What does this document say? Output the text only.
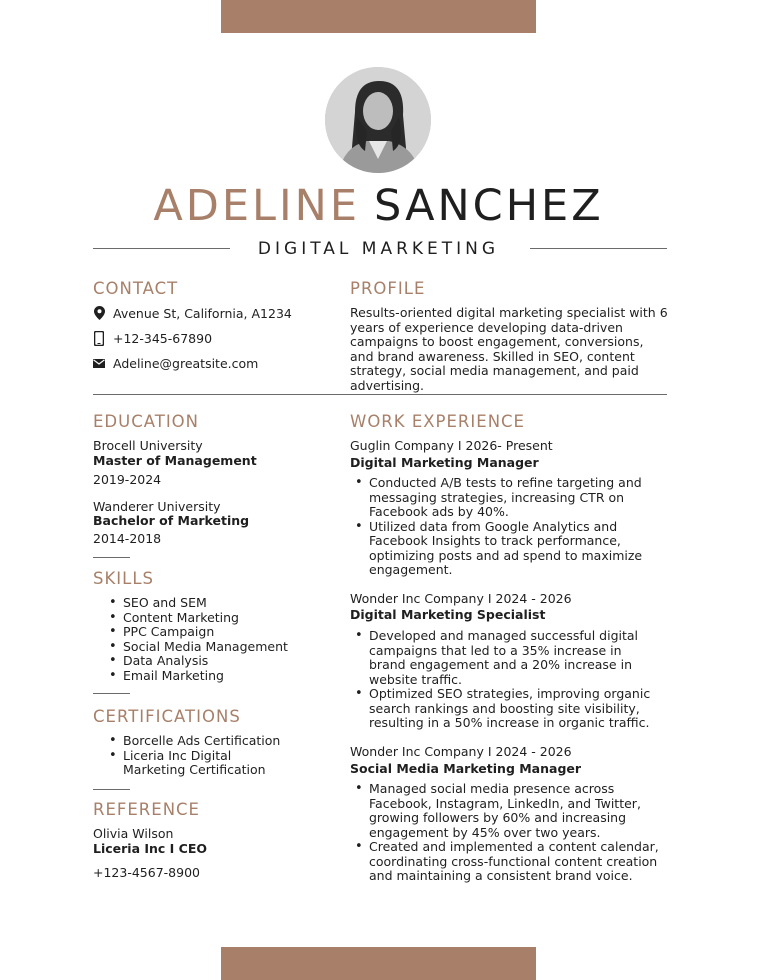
ADELINE SANCHEZ
DIGITAL MARKETING
CONTACT
Avenue St, California, A1234
+12-345-67890
Adeline@greatsite.com
PROFILE
Results-oriented digital marketing specialist with 6 years of experience developing data-driven campaigns to boost engagement, conversions, and brand awareness. Skilled in SEO, content strategy, social media management, and paid advertising.
EDUCATION
Brocell University
Master of Management
2019-2024
Wanderer University
Bachelor of Marketing
2014-2018
SKILLS
• SEO and SEM
• Content Marketing
• PPC Campaign
• Social Media Management
• Data Analysis
• Email Marketing
CERTIFICATIONS
• Borcelle Ads Certification
• Liceria Inc Digital Marketing Certification
REFERENCE
Olivia Wilson
Liceria Inc I CEO
+123-4567-8900
WORK EXPERIENCE
Guglin Company I 2026- Present
Digital Marketing Manager
• Conducted A/B tests to refine targeting and messaging strategies, increasing CTR on Facebook ads by 40%.
• Utilized data from Google Analytics and Facebook Insights to track performance, optimizing posts and ad spend to maximize engagement.
Wonder Inc Company I 2024 - 2026
Digital Marketing Specialist
• Developed and managed successful digital campaigns that led to a 35% increase in brand engagement and a 20% increase in website traffic.
• Optimized SEO strategies, improving organic search rankings and boosting site visibility, resulting in a 50% increase in organic traffic.
Wonder Inc Company I 2024 - 2026
Social Media Marketing Manager
• Managed social media presence across Facebook, Instagram, LinkedIn, and Twitter, growing followers by 60% and increasing engagement by 45% over two years.
• Created and implemented a content calendar, coordinating cross-functional content creation and maintaining a consistent brand voice.
